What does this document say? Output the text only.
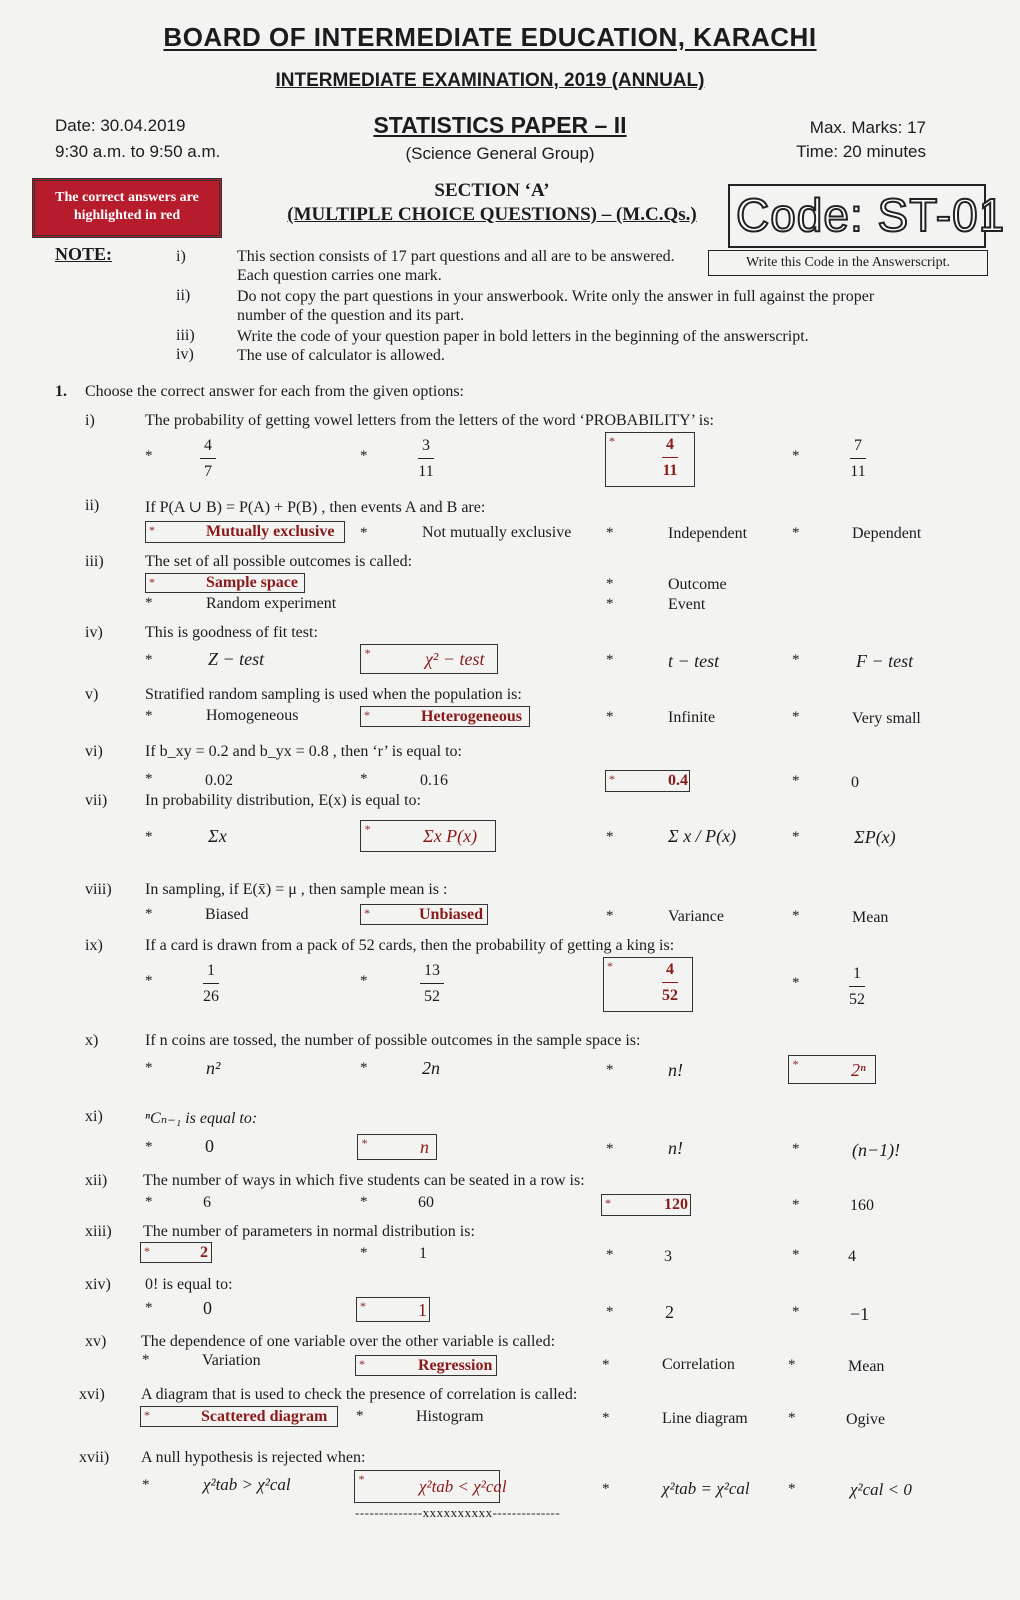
BOARD OF INTERMEDIATE EDUCATION, KARACHI
INTERMEDIATE EXAMINATION, 2019 (ANNUAL)
Date: 30.04.2019
9:30 a.m. to 9:50 a.m.
STATISTICS PAPER – II
(Science General Group)
Max. Marks: 17
Time: 20 minutes
The correct answers are highlighted in red
SECTION ‘A’
(MULTIPLE CHOICE QUESTIONS) – (M.C.Qs.) Code: ST-01
Write this Code in the Answerscript.
NOTE:	i)	This section consists of 17 part questions and all are to be answered.
Each question carries one mark.
ii)	Do not copy the part questions in your answerbook. Write only the answer in full against the proper
number of the question and its part.
iii)	Write the code of your question paper in bold letters in the beginning of the answerscript.
iv)	The use of calculator is allowed.
1. Choose the correct answer for each from the given options:
i)	The probability of getting vowel letters from the letters of the word ‘PROBABILITY’ is:
*	$\frac{4}{7}$	*	$\frac{3}{11}$	*	$\frac{4}{11}$	*	$\frac{7}{11}$
ii)	If P(A ∪ B) = P(A) + P(B) , then events A and B are:
*	Mutually exclusive *	Not mutually exclusive *	Independent	*	Dependent
iii)	The set of all possible outcomes is called:
*	Sample space	*	Outcome
*	Random experiment	*	Event
iv)	This is goodness of fit test:
*	Z − test	*	χ² − test	*	t − test	*	F − test
v)	Stratified random sampling is used when the population is:
*	Homogeneous	*	Heterogeneous	*	Infinite	*	Very small
vi)	If b_xy = 0.2 and b_yx = 0.8 , then ‘r’ is equal to:
*	0.02	*	0.16	*	0.4	*	0
vii) In probability distribution, E(x) is equal to:
*	Σx	*	Σx P(x)	*	Σ x / P(x)	*	ΣP(x)
viii) In sampling, if E(x̄) = μ , then sample mean is :
*	Biased	*	Unbiased	*	Variance	*	Mean
ix)	If a card is drawn from a pack of 52 cards, then the probability of getting a king is:
*	$\frac{1}{26}$	*	$\frac{13}{52}$	*	$\frac{4}{52}$	*	$\frac{1}{52}$
x)	If n coins are tossed, the number of possible outcomes in the sample space is:
*	n²	*	2n	*	n!	*	2ⁿ
xi)	ⁿCₙ₋₁ is equal to:
*	0	*	n	*	n!	*	(n−1)!
xii) The number of ways in which five students can be seated in a row is:
*	6	*	60	*	120	*	160
xiii) The number of parameters in normal distribution is:
*	2	*	1	*	3	*	4
xiv) 0! is equal to:
*	0	*	1	*	2	*	−1
xv) The dependence of one variable over the other variable is called:
*	Variation	*	Regression	*	Correlation	*	Mean
xvi) A diagram that is used to check the presence of correlation is called:
*	Scattered diagram *	Histogram	*	Line diagram	*	Ogive
xvii) A null hypothesis is rejected when:
*	χ²tab > χ²cal	*	χ²tab < χ²cal	*	χ²tab = χ²cal	*	χ²cal < 0
--------------xxxxxxxxxx--------------
